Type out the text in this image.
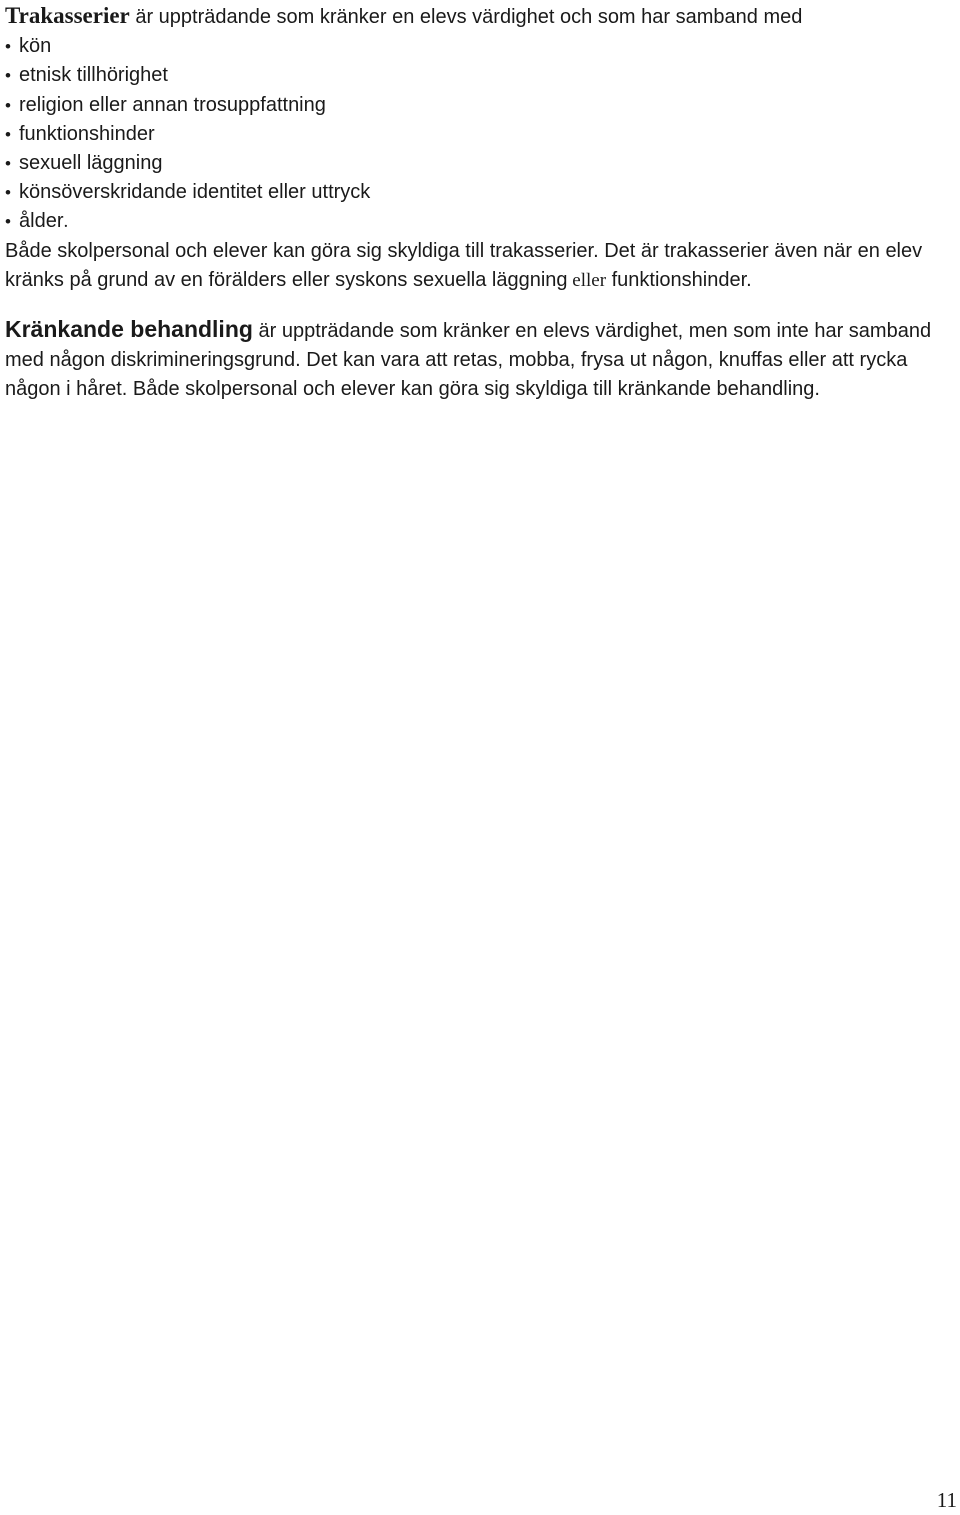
Trakasserier är uppträdande som kränker en elevs värdighet och som har samband med

• kön
• etnisk tillhörighet
• religion eller annan trosuppfattning
• funktionshinder
• sexuell läggning
• könsöverskridande identitet eller uttryck
• ålder.

Både skolpersonal och elever kan göra sig skyldiga till trakasserier. Det är trakasserier även när en elev kränks på grund av en förälders eller syskons sexuella läggning eller funktionshinder.

Kränkande behandling är uppträdande som kränker en elevs värdighet, men som inte har samband med någon diskrimineringsgrund. Det kan vara att retas, mobba, frysa ut någon, knuffas eller att rycka någon i håret. Både skolpersonal och elever kan göra sig skyldiga till kränkande behandling.

11
